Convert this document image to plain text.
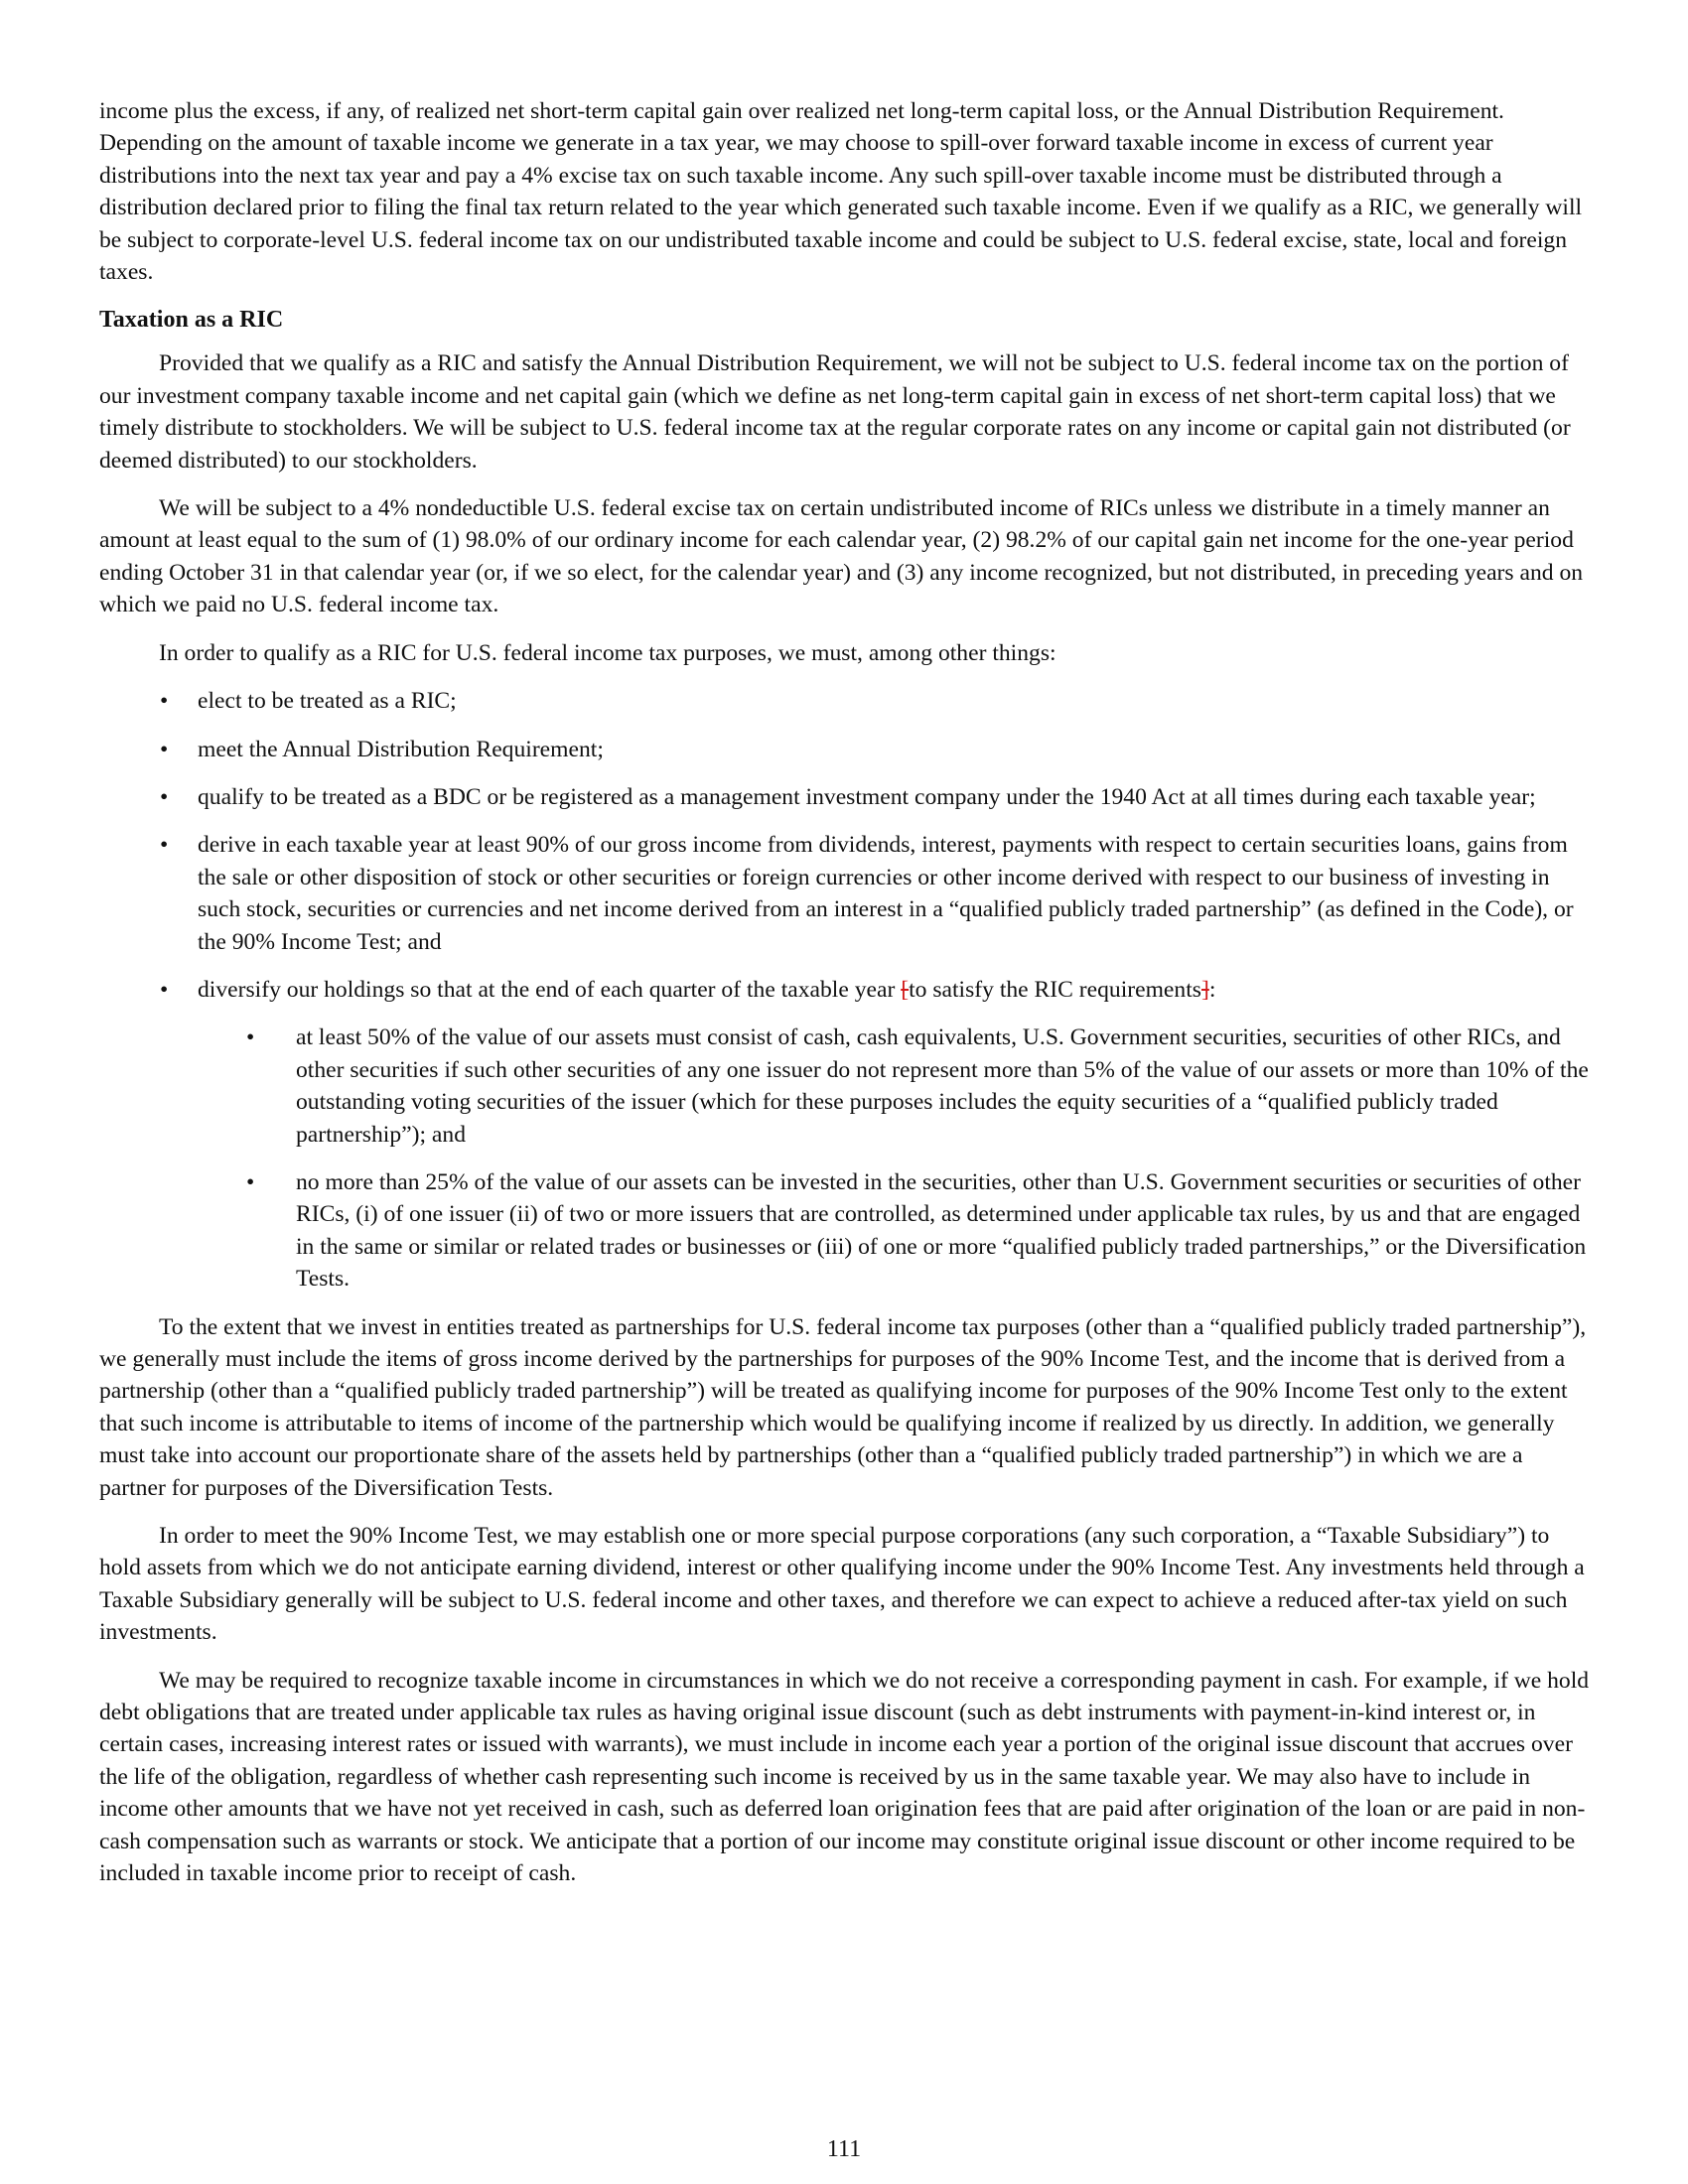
income plus the excess, if any, of realized net short-term capital gain over realized net long-term capital loss, or the Annual Distribution Requirement. Depending on the amount of taxable income we generate in a tax year, we may choose to spill-over forward taxable income in excess of current year distributions into the next tax year and pay a 4% excise tax on such taxable income. Any such spill-over taxable income must be distributed through a distribution declared prior to filing the final tax return related to the year which generated such taxable income. Even if we qualify as a RIC, we generally will be subject to corporate-level U.S. federal income tax on our undistributed taxable income and could be subject to U.S. federal excise, state, local and foreign taxes.

Taxation as a RIC

Provided that we qualify as a RIC and satisfy the Annual Distribution Requirement, we will not be subject to U.S. federal income tax on the portion of our investment company taxable income and net capital gain (which we define as net long-term capital gain in excess of net short-term capital loss) that we timely distribute to stockholders. We will be subject to U.S. federal income tax at the regular corporate rates on any income or capital gain not distributed (or deemed distributed) to our stockholders.

We will be subject to a 4% nondeductible U.S. federal excise tax on certain undistributed income of RICs unless we distribute in a timely manner an amount at least equal to the sum of (1) 98.0% of our ordinary income for each calendar year, (2) 98.2% of our capital gain net income for the one-year period ending October 31 in that calendar year (or, if we so elect, for the calendar year) and (3) any income recognized, but not distributed, in preceding years and on which we paid no U.S. federal income tax.

In order to qualify as a RIC for U.S. federal income tax purposes, we must, among other things:

• elect to be treated as a RIC;
• meet the Annual Distribution Requirement;
• qualify to be treated as a BDC or be registered as a management investment company under the 1940 Act at all times during each taxable year;
• derive in each taxable year at least 90% of our gross income from dividends, interest, payments with respect to certain securities loans, gains from the sale or other disposition of stock or other securities or foreign currencies or other income derived with respect to our business of investing in such stock, securities or currencies and net income derived from an interest in a “qualified publicly traded partnership” (as defined in the Code), or the 90% Income Test; and
• diversify our holdings so that at the end of each quarter of the taxable year [to satisfy the RIC requirements]:
• at least 50% of the value of our assets must consist of cash, cash equivalents, U.S. Government securities, securities of other RICs, and other securities if such other securities of any one issuer do not represent more than 5% of the value of our assets or more than 10% of the outstanding voting securities of the issuer (which for these purposes includes the equity securities of a “qualified publicly traded partnership”); and
• no more than 25% of the value of our assets can be invested in the securities, other than U.S. Government securities or securities of other RICs, (i) of one issuer (ii) of two or more issuers that are controlled, as determined under applicable tax rules, by us and that are engaged in the same or similar or related trades or businesses or (iii) of one or more “qualified publicly traded partnerships,” or the Diversification Tests.

To the extent that we invest in entities treated as partnerships for U.S. federal income tax purposes (other than a “qualified publicly traded partnership”), we generally must include the items of gross income derived by the partnerships for purposes of the 90% Income Test, and the income that is derived from a partnership (other than a “qualified publicly traded partnership”) will be treated as qualifying income for purposes of the 90% Income Test only to the extent that such income is attributable to items of income of the partnership which would be qualifying income if realized by us directly. In addition, we generally must take into account our proportionate share of the assets held by partnerships (other than a “qualified publicly traded partnership”) in which we are a partner for purposes of the Diversification Tests.

In order to meet the 90% Income Test, we may establish one or more special purpose corporations (any such corporation, a “Taxable Subsidiary”) to hold assets from which we do not anticipate earning dividend, interest or other qualifying income under the 90% Income Test. Any investments held through a Taxable Subsidiary generally will be subject to U.S. federal income and other taxes, and therefore we can expect to achieve a reduced after-tax yield on such investments.

We may be required to recognize taxable income in circumstances in which we do not receive a corresponding payment in cash. For example, if we hold debt obligations that are treated under applicable tax rules as having original issue discount (such as debt instruments with payment-in-kind interest or, in certain cases, increasing interest rates or issued with warrants), we must include in income each year a portion of the original issue discount that accrues over the life of the obligation, regardless of whether cash representing such income is received by us in the same taxable year. We may also have to include in income other amounts that we have not yet received in cash, such as deferred loan origination fees that are paid after origination of the loan or are paid in non-cash compensation such as warrants or stock. We anticipate that a portion of our income may constitute original issue discount or other income required to be included in taxable income prior to receipt of cash.

111
